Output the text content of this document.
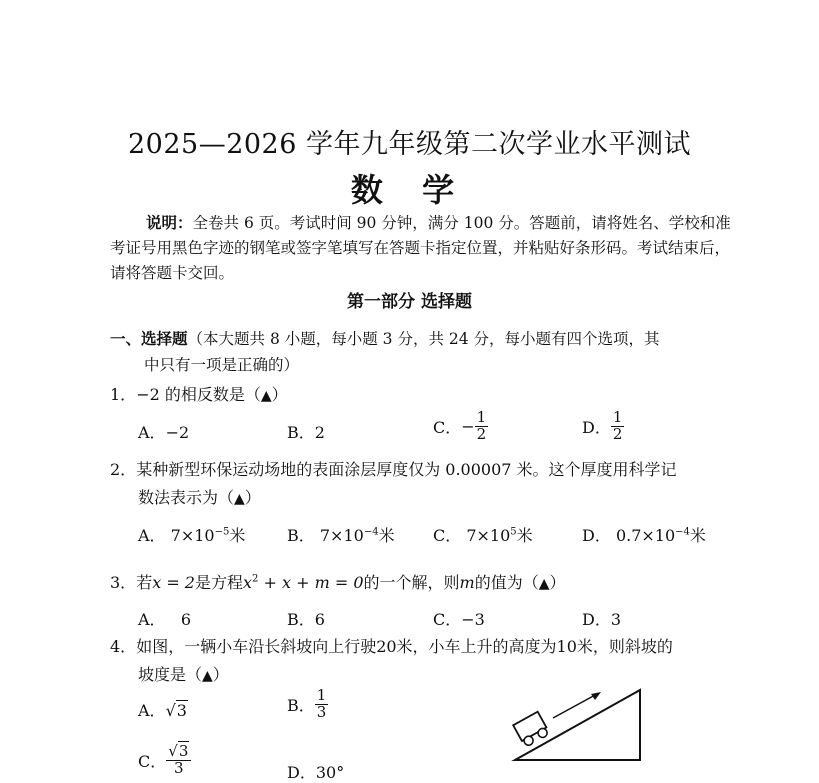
2025—2026 学年九年级第二次学业水平测试
数 学
说明：全卷共 6 页。考试时间 90 分钟，满分 100 分。答题前，请将姓名、学校和准考证号用黑色字迹的钢笔或签字笔填写在答题卡指定位置，并粘贴好条形码。考试结束后，请将答题卡交回。
第一部分 选择题
一、选择题（本大题共 8 小题，每小题 3 分，共 24 分，每小题有四个选项，其
中只有一项是正确的）
1．−2 的相反数是（▲）
A．−2	B．2	C．− $\frac{1}{2}$	D． $\frac{1}{2}$
2．某种新型环保运动场地的表面涂层厚度仅为 0.00007 米。这个厚度用科学记
数法表示为（▲）
A． $7\times 10^{-5}$米	B． $7\times 10^{-4}$米 C． $7\times 10^5$米	D． $0.7\times 10^{-4}$米
3．若x = 2是方程$x^2 + x + m = 0$的一个解，则m的值为（▲）
A． 6	B．6	C．−3	D．3
4．如图，一辆小车沿长斜坡向上行驶20米，小车上升的高度为10米，则斜坡的
坡度是（▲）
A．√3	B． $\frac{1}{3}$
C． $\frac{√3}{3}$	D．30°
